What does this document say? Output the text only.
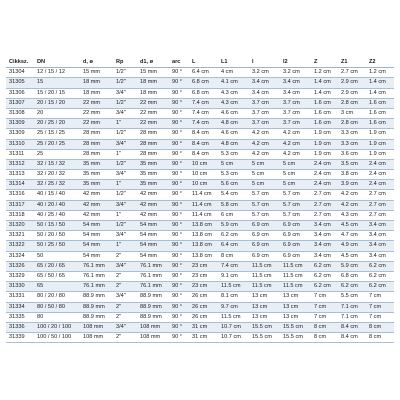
Cikksz.	DN	d, ø	Rp	d1, ø	arc	L	L1	l	l2	Z	Z1	Z2
31304	12 / 15 / 12	15 mm	1/2"	15 mm	90 °	6.4 cm	4 cm	3.2 cm	3.2 cm	1.2 cm	2.7 cm	1.2 cm
31305	15	18 mm	1/2"	18 mm	90 °	6.8 cm	4.1 cm	3.4 cm	3.4 cm	1.4 cm	2.9 cm	1.4 cm
31306	15 / 20 / 15	18 mm	3/4"	18 mm	90 °	6.8 cm	4.3 cm	3.4 cm	3.4 cm	1.4 cm	2.9 cm	1.4 cm
31307	20 / 15 / 20	22 mm	1/2"	22 mm	90 °	7.4 cm	4.3 cm	3.7 cm	3.7 cm	1.6 cm	2.8 cm	1.6 cm
31308	20	22 mm	3/4"	22 mm	90 °	7.4 cm	4.6 cm	3.7 cm	3.7 cm	1.6 cm	3 cm	1.6 cm
31309	20 / 25 / 20	22 mm	1"	22 mm	90 °	7.4 cm	4.8 cm	3.7 cm	3.7 cm	1.6 cm	2.8 cm	1.6 cm
31309	25 / 15 / 25	28 mm	1/2"	28 mm	90 °	8.4 cm	4.6 cm	4.2 cm	4.2 cm	1.9 cm	3.3 cm	1.9 cm
31310	25 / 20 / 25	28 mm	3/4"	28 mm	90 °	8.4 cm	4.8 cm	4.2 cm	4.2 cm	1.9 cm	3.3 cm	1.9 cm
31311	25	28 mm	1"	28 mm	90 °	8.4 cm	5.3 cm	4.2 cm	4.2 cm	1.9 cm	3.6 cm	1.9 cm
31312	32 / 15 / 32	35 mm	1/2"	35 mm	90 °	10 cm	5 cm	5 cm	5 cm	2.4 cm	3.5 cm	2.4 cm
31313	32 / 20 / 32	35 mm	3/4"	35 mm	90 °	10 cm	5.3 cm	5 cm	5 cm	2.4 cm	3.8 cm	2.4 cm
31314	32 / 25 / 32	35 mm	1"	35 mm	90 °	10 cm	5.6 cm	5 cm	5 cm	2.4 cm	3.9 cm	2.4 cm
31316	40 / 15 / 40	42 mm	1/2"	42 mm	90 °	11.4 cm	5.4 cm	5.7 cm	5.7 cm	2.7 cm	4.2 cm	2.7 cm
31317	40 / 20 / 40	42 mm	3/4"	42 mm	90 °	11.4 cm	5.8 cm	5.7 cm	5.7 cm	2.7 cm	4.2 cm	2.7 cm
31318	40 / 25 / 40	42 mm	1"	42 mm	90 °	11.4 cm	6 cm	5.7 cm	5.7 cm	2.7 cm	4.3 cm	2.7 cm
31320	50 / 15 / 50	54 mm	1/2"	54 mm	90 °	13.8 cm	5.9 cm	6.9 cm	6.9 cm	3.4 cm	4.5 cm	3.4 cm
31321	50 / 20 / 50	54 mm	3/4"	54 mm	90 °	13.8 cm	6.2 cm	6.9 cm	6.9 cm	3.4 cm	4.7 cm	3.4 cm
31322	50 / 25 / 50	54 mm	1"	54 mm	90 °	13.8 cm	6.4 cm	6.9 cm	6.9 cm	3.4 cm	4.9 cm	3.4 cm
31324	50	54 mm	2"	54 mm	90 °	13.8 cm	8 cm	6.9 cm	6.9 cm	3.4 cm	4.5 cm	3.4 cm
31326	65 / 20 / 65	76.1 mm	3/4"	76.1 mm	90 °	23 cm	7.4 cm	11.5 cm	11.5 cm	6.2 cm	5.9 cm	6.2 cm
31329	65 / 50 / 65	76.1 mm	2"	76.1 mm	90 °	23 cm	9.1 cm	11.5 cm	11.5 cm	6.2 cm	6.8 cm	6.2 cm
31330	65	76.1 mm	2"	76.1 mm	90 °	23 cm	11.5 cm	11.5 cm	11.5 cm	6.2 cm	6.2 cm	6.2 cm
31331	80 / 20 / 80	88.9 mm	3/4"	88.9 mm	90 °	26 cm	8.1 cm	13 cm	13 cm	7 cm	5.5 cm	7 cm
31334	80 / 50 / 80	88.9 mm	2"	88.9 mm	90 °	26 cm	9.7 cm	13 cm	13 cm	7 cm	7.1 cm	7 cm
31335	80	88.9 mm	2"	88.9 mm	90 °	26 cm	11.5 cm	13 cm	13 cm	7 cm	7.1 cm	7 cm
31336	100 / 20 / 100	108 mm	3/4"	108 mm	90 °	31 cm	10.7 cm	15.5 cm	15.5 cm	8 cm	8.4 cm	8 cm
31339	100 / 50 / 100	108 mm	2"	108 mm	90 °	31 cm	10.7 cm	15.5 cm	15.5 cm	8 cm	8.4 cm	8 cm
